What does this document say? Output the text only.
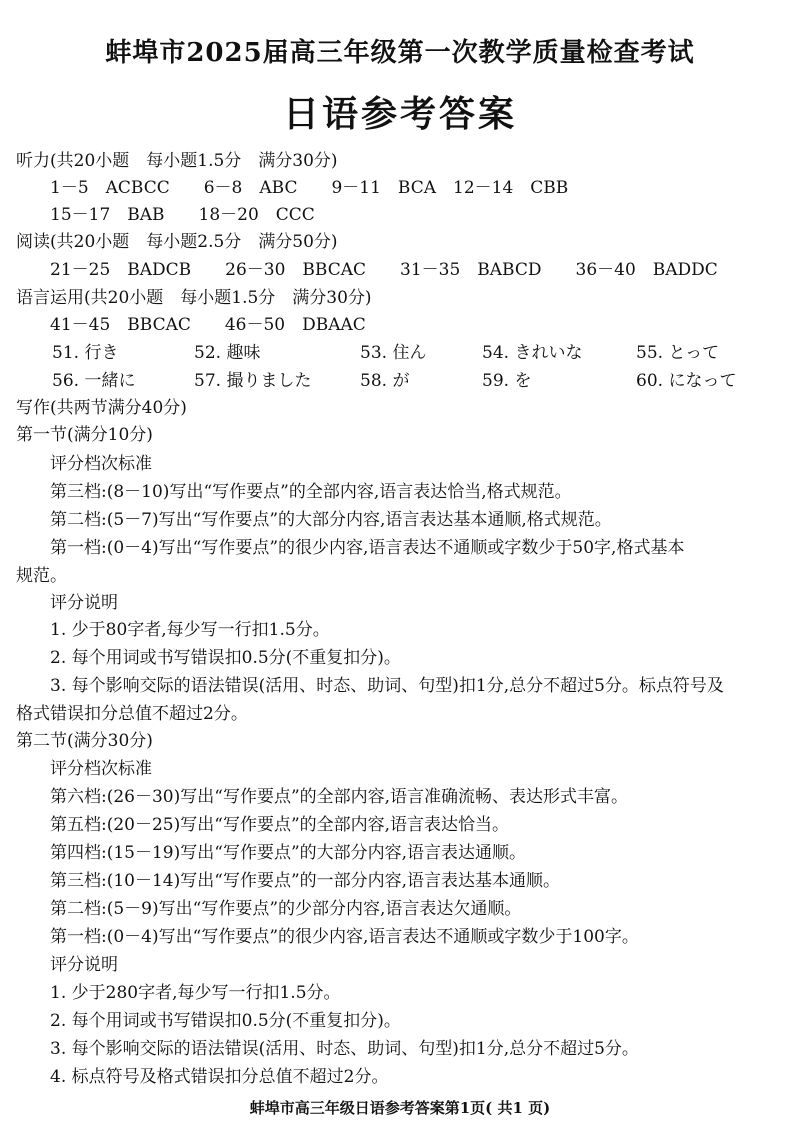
蚌埠市2025届高三年级第一次教学质量检查考试
日语参考答案
听力(共20小题　每小题1.5分　满分30分)
1－5　ACBCC　　6－8　ABC　　9－11　BCA　12－14　CBB
15－17　BAB　　18－20　CCC
阅读(共20小题　每小题2.5分　满分50分)
21－25　BADCB　　26－30　BBCAC　　31－35　BABCD　　36－40　BADDC
语言运用(共20小题　每小题1.5分　满分30分)
41－45　BBCAC　　46－50　DBAAC
51. 行き	52. 趣味	53. 住ん	54. きれいな	55. とって
56. 一緒に	57. 撮りました	58. が	59. を	60. になって
写作(共两节满分40分)
第一节(满分10分)
评分档次标准
第三档:(8－10)写出“写作要点”的全部内容,语言表达恰当,格式规范。
第二档:(5－7)写出“写作要点”的大部分内容,语言表达基本通顺,格式规范。
第一档:(0－4)写出“写作要点”的很少内容,语言表达不通顺或字数少于50字,格式基本
规范。
评分说明
1. 少于80字者,每少写一行扣1.5分。
2. 每个用词或书写错误扣0.5分(不重复扣分)。
3. 每个影响交际的语法错误(活用、时态、助词、句型)扣1分,总分不超过5分。标点符号及
格式错误扣分总值不超过2分。
第二节(满分30分)
评分档次标准
第六档:(26－30)写出“写作要点”的全部内容,语言准确流畅、表达形式丰富。
第五档:(20－25)写出“写作要点”的全部内容,语言表达恰当。
第四档:(15－19)写出“写作要点”的大部分内容,语言表达通顺。
第三档:(10－14)写出“写作要点”的一部分内容,语言表达基本通顺。
第二档:(5－9)写出“写作要点”的少部分内容,语言表达欠通顺。
第一档:(0－4)写出“写作要点”的很少内容,语言表达不通顺或字数少于100字。
评分说明
1. 少于280字者,每少写一行扣1.5分。
2. 每个用词或书写错误扣0.5分(不重复扣分)。
3. 每个影响交际的语法错误(活用、时态、助词、句型)扣1分,总分不超过5分。
4. 标点符号及格式错误扣分总值不超过2分。
蚌埠市高三年级日语参考答案第1页( 共1 页)
